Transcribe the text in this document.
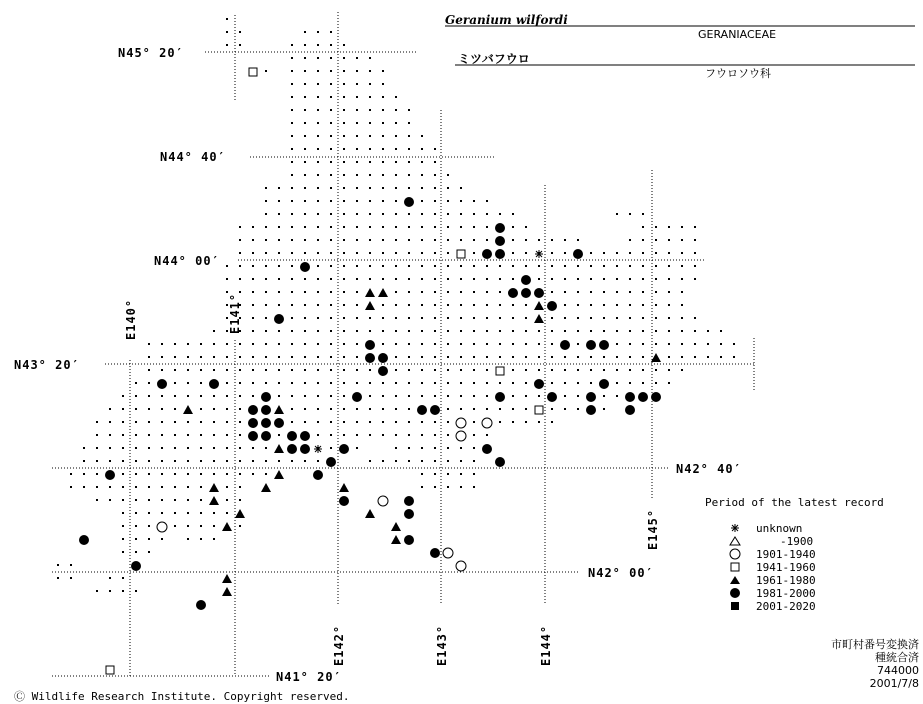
N45° 20′
N44° 40′
N44° 00′
N43° 20′
N42° 40′
N42° 00′
N41° 20′
E140°	E141°
E142°	E143°	E144°
E145°
Geranium wilfordi
GERANIACEAE
ミツバフウロ
フウロソウ科
Period of the latest record
unknown
-1900
1901-1940
1941-1960
1961-1980
1981-2000
2001-2020
Ⓒ Wildlife Research Institute. Copyright reserved.
市町村番号変換済
種統合済
744000
2001/7/8
